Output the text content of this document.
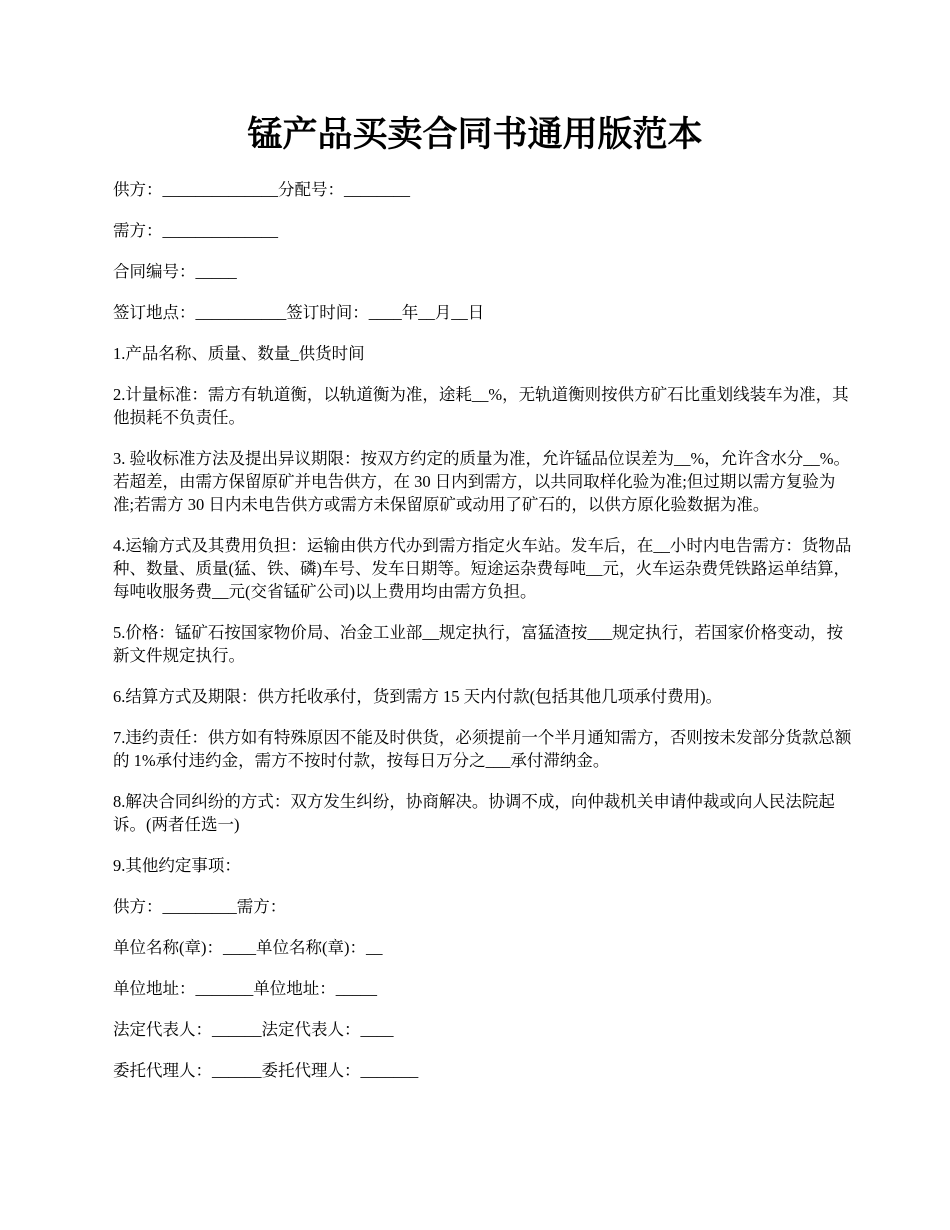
锰产品买卖合同书通用版范本

供方：______________分配号：________

需方：______________

合同编号：_____

签订地点：___________签订时间：____年__月__日

1.产品名称、质量、数量_供货时间

2.计量标准：需方有轨道衡，以轨道衡为准，途耗__%，无轨道衡则按供方矿石比重划线装车为准，其他损耗不负责任。

3. 验收标准方法及提出异议期限：按双方约定的质量为准，允许锰品位误差为__%，允许含水分__%。若超差，由需方保留原矿并电告供方，在 30 日内到需方，以共同取样化验为准;但过期以需方复验为准;若需方 30 日内未电告供方或需方未保留原矿或动用了矿石的，以供方原化验数据为准。

4.运输方式及其费用负担：运输由供方代办到需方指定火车站。发车后，在__小时内电告需方：货物品种、数量、质量(猛、铁、磷)车号、发车日期等。短途运杂费每吨__元，火车运杂费凭铁路运单结算，每吨收服务费__元(交省锰矿公司)以上费用均由需方负担。

5.价格：锰矿石按国家物价局、冶金工业部__规定执行，富猛渣按___规定执行，若国家价格变动，按新文件规定执行。

6.结算方式及期限：供方托收承付，货到需方 15 天内付款(包括其他几项承付费用)。

7.违约责任：供方如有特殊原因不能及时供货，必须提前一个半月通知需方，否则按未发部分货款总额的 1%承付违约金，需方不按时付款，按每日万分之___承付滞纳金。

8.解决合同纠纷的方式：双方发生纠纷，协商解决。协调不成，向仲裁机关申请仲裁或向人民法院起诉。(两者任选一)

9.其他约定事项：

供方：_________需方：

单位名称(章)：____单位名称(章)：__

单位地址：_______单位地址：_____

法定代表人：______法定代表人：____

委托代理人：______委托代理人：_______
